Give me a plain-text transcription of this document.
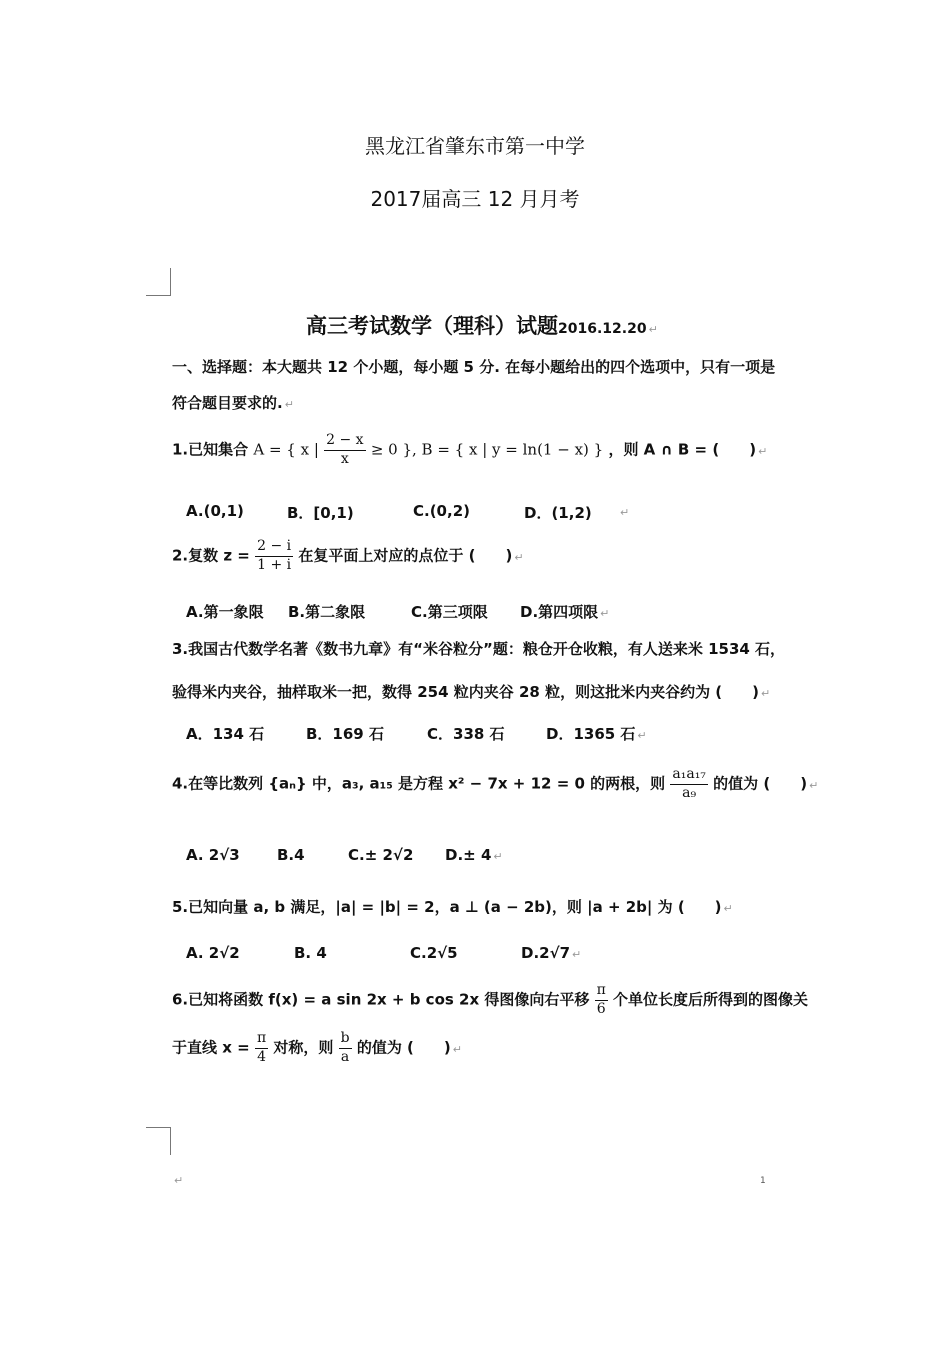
黑龙江省肇东市第一中学
2017届高三 12 月月考
高三考试数学（理科）试题2016.12.20 ↵
一、选择题：本大题共 12 个小题，每小题 5 分. 在每小题给出的四个选项中，只有一项是
符合题目要求的. ↵
1.已知集合 A = { x | $\frac{2 - x}{x} \ge 0$ }, B = { x | y = ln(1 − x) } ，则 A ∩ B = (　　) ↵
A.(0,1)	B．[0,1)	C.(0,2)	D．(1,2)	↵
2.复数 $z = \frac{2 - i}{1 + i}$ 在复平面上对应的点位于 (　　) ↵
A.第一象限 B.第二象限	C.第三项限 D.第四项限 ↵
3.我国古代数学名著《数书九章》有“米谷粒分”题：粮仓开仓收粮，有人送来米 1534 石，
验得米内夹谷，抽样取米一把，数得 254 粒内夹谷 28 粒，则这批米内夹谷约为 (　　) ↵
A．134 石	B．169 石	C．338 石	D．1365 石 ↵
4.在等比数列 {aₙ} 中，a₃, a₁₅ 是方程 x² − 7x + 12 = 0 的两根，则 $\frac{\text{a₁a₁₇}}{\text{a₉}}$ 的值为 (　　) ↵
A. 2√3 B.4	C.± 2√2 D.± 4 ↵
5.已知向量 a, b 满足，|a| = |b| = 2，a ⊥ (a − 2b)，则 |a + 2b| 为 (　　) ↵
A. 2√2	B. 4	C.2√5	D.2√7 ↵
6.已知将函数 f(x) = a sin 2x + b cos 2x 得图像向右平移 $\frac{\pi}{6}$ 个单位长度后所得到的图像关
于直线 $x = \frac{\pi}{4}$ 对称，则 $\frac{b}{a}$ 的值为 (　　) ↵
↵	1
